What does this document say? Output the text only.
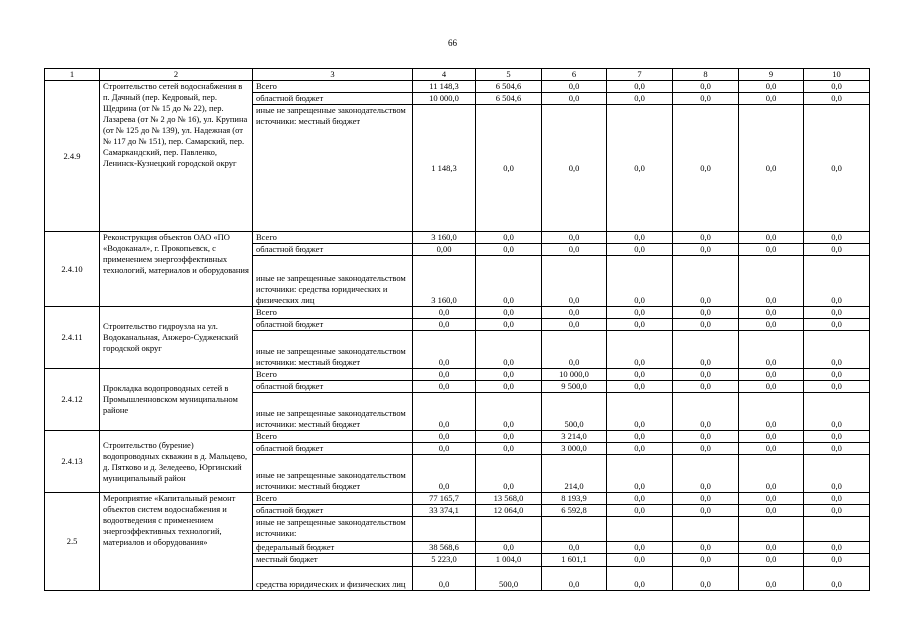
66
1	2	3	4	5	6	7	8	9	10
2.4.9	Строительство сетей водоснабжения в п. Дачный (пер. Кедровый, пер. Щедрина (от № 15 до № 22), пер. Лазарева (от № 2 до № 16), ул. Крупина (от № 125 до № 139), ул. Надежная (от № 117 до № 151), пер. Самарский, пер. Самаркандский, пер. Павленко, Ленинск-Кузнецкий городской округ	Всего	11 148,3	6 504,6	0,0	0,0	0,0	0,0	0,0
		областной бюджет	10 000,0	6 504,6	0,0	0,0	0,0	0,0	0,0
		иные не запрещенные законодательством источники: местный бюджет	1 148,3	0,0	0,0	0,0	0,0	0,0	0,0
2.4.10	Реконструкция объектов ОАО «ПО «Водоканал», г. Прокопьевск, с применением энергоэффективных технологий, материалов и оборудования	Всего	3 160,0	0,0	0,0	0,0	0,0	0,0	0,0
		областной бюджет	0,00	0,0	0,0	0,0	0,0	0,0	0,0
		иные не запрещенные законодательством источники: средства юридических и физических лиц	3 160,0	0,0	0,0	0,0	0,0	0,0	0,0
2.4.11	Строительство гидроузла на ул. Водоканальная, Анжеро-Судженский городской округ	Всего	0,0	0,0	0,0	0,0	0,0	0,0	0,0
		областной бюджет	0,0	0,0	0,0	0,0	0,0	0,0	0,0
		иные не запрещенные законодательством источники: местный бюджет	0,0	0,0	0,0	0,0	0,0	0,0	0,0
2.4.12	Прокладка водопроводных сетей в Промышленновском муниципальном районе	Всего	0,0	0,0	10 000,0	0,0	0,0	0,0	0,0
		областной бюджет	0,0	0,0	9 500,0	0,0	0,0	0,0	0,0
		иные не запрещенные законодательством источники: местный бюджет	0,0	0,0	500,0	0,0	0,0	0,0	0,0
2.4.13	Строительство (бурение) водопроводных скважин в д. Мальцево, д. Пятково и д. Зеледеево, Юргинский муниципальный район	Всего	0,0	0,0	3 214,0	0,0	0,0	0,0	0,0
		областной бюджет	0,0	0,0	3 000,0	0,0	0,0	0,0	0,0
		иные не запрещенные законодательством источники: местный бюджет	0,0	0,0	214,0	0,0	0,0	0,0	0,0
2.5	Мероприятие «Капитальный ремонт объектов систем водоснабжения и водоотведения с применением энергоэффективных технологий, материалов и оборудования»	Всего	77 165,7	13 568,0	8 193,9	0,0	0,0	0,0	0,0
		областной бюджет	33 374,1	12 064,0	6 592,8	0,0	0,0	0,0	0,0
		иные не запрещенные законодательством источники:							
		федеральный бюджет	38 568,6	0,0	0,0	0,0	0,0	0,0	0,0
		местный бюджет	5 223,0	1 004,0	1 601,1	0,0	0,0	0,0	0,0
		средства юридических и физических лиц	0,0	500,0	0,0	0,0	0,0	0,0	0,0
